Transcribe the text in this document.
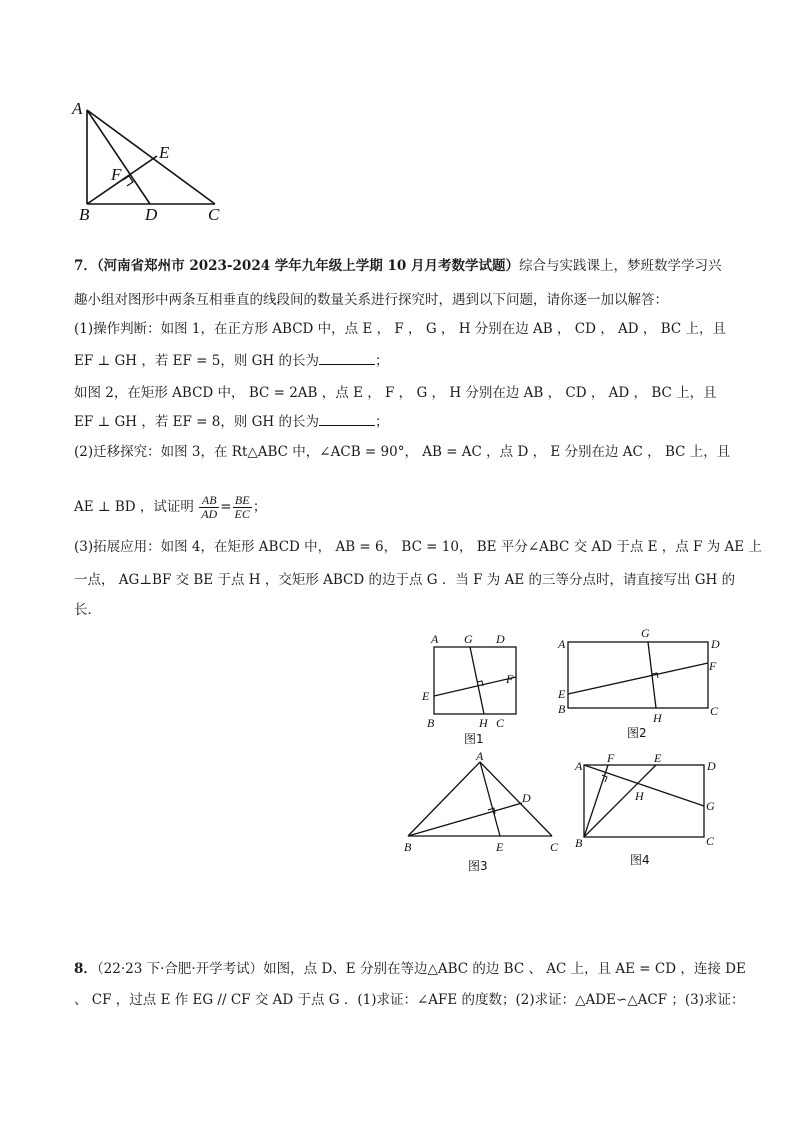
A
E
F
B	D	C
7．（河南省郑州市 2023-2024 学年九年级上学期 10 月月考数学试题）综合与实践课上，梦班数学学习兴
趣小组对图形中两条互相垂直的线段间的数量关系进行探究时，遇到以下问题，请你逐一加以解答：
(1)操作判断：如图 1，在正方形 ABCD 中，点 E ， F ， G ， H 分别在边 AB ， CD ， AD ， BC 上，且
EF ⊥ GH ，若 EF = 5，则 GH 的长为	；
如图 2，在矩形 ABCD 中， BC = 2AB ，点 E ， F ， G ， H 分别在边 AB ， CD ， AD ， BC 上，且
EF ⊥ GH ，若 EF = 8，则 GH 的长为	；
(2)迁移探究：如图 3，在 Rt△ABC 中，∠ACB = 90°， AB = AC ，点 D ， E 分别在边 AC ， BC 上，且
AE ⊥ BD ，试证明 $\frac{AB}{AD} = \frac{BE}{EC}$ ；
(3)拓展应用：如图 4，在矩形 ABCD 中， AB = 6， BC = 10， BE 平分∠ABC 交 AD 于点 E ，点 F 为 AE 上
一点， AG⊥BF 交 BE 于点 H ，交矩形 ABCD 的边于点 G ．当 F 为 AE 的三等分点时，请直接写出 GH 的
长．
A G D
F
E
B	H C
图1
A
G
D
F
E
B
H	C
图2
A
D
B	E	C
图3
A
F	E
D
H
G
B	C
图4
8．（22·23 下·合肥·开学考试）如图，点 D、E 分别在等边△ABC 的边 BC 、 AC 上，且 AE = CD ，连接 DE
、 CF ，过点 E 作 EG // CF 交 AD 于点 G ．(1)求证：∠AFE 的度数；(2)求证：△ADE∽△ACF ；(3)求证：
